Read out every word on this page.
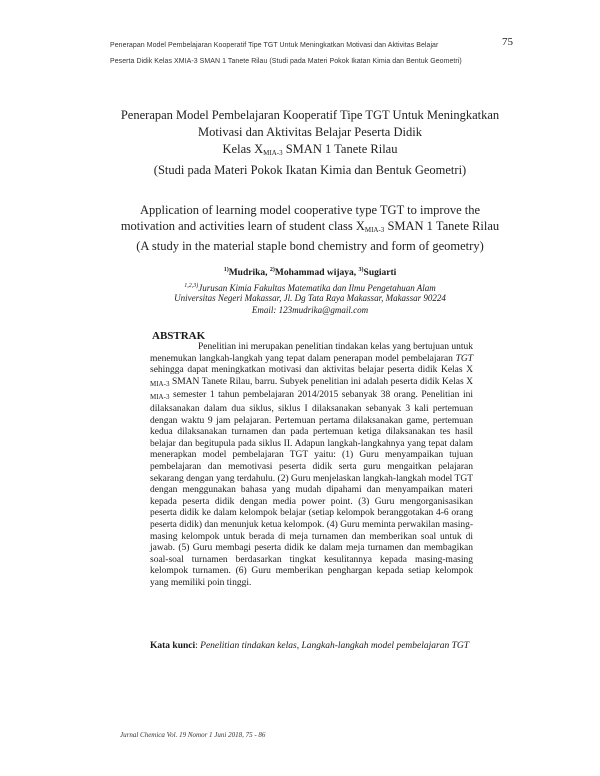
75
Penerapan Model Pembelajaran Kooperatif Tipe TGT Untuk Meningkatkan Motivasi dan Aktivitas Belajar
Peserta Didik Kelas XMIA-3 SMAN 1 Tanete Rilau (Studi pada Materi Pokok Ikatan Kimia dan Bentuk Geometri)
Penerapan Model Pembelajaran Kooperatif Tipe TGT Untuk Meningkatkan
Motivasi dan Aktivitas Belajar Peserta Didik
Kelas $X_{MIA-3}$ SMAN 1 Tanete Rilau
(Studi pada Materi Pokok Ikatan Kimia dan Bentuk Geometri)
Application of learning model cooperative type TGT to improve the
motivation and activities learn of student class $X_{MIA-3}$ SMAN 1 Tanete Rilau
(A study in the material staple bond chemistry and form of geometry)
$^{1)}$Mudrika, $^{2)}$Mohammad wijaya, $^{3)}$Sugiarti
$^{1,2,3)}$Jurusan Kimia Fakultas Matematika dan Ilmu Pengetahuan Alam
Universitas Negeri Makassar, Jl. Dg Tata Raya Makassar, Makassar 90224
Email: 123mudrika@gmail.com
ABSTRAK
Penelitian ini merupakan penelitian tindakan kelas yang bertujuan untuk menemukan langkah-langkah yang tepat dalam penerapan model pembelajaran TGT sehingga dapat meningkatkan motivasi dan aktivitas belajar peserta didik Kelas X $_{MIA-3}$ SMAN Tanete Rilau, barru. Subyek penelitian ini adalah peserta didik Kelas X $_{MIA-3}$ semester 1 tahun pembelajaran 2014/2015 sebanyak 38 orang. Penelitian ini dilaksanakan dalam dua siklus, siklus I dilaksanakan sebanyak 3 kali pertemuan dengan waktu 9 jam pelajaran. Pertemuan pertama dilaksanakan game, pertemuan kedua dilaksanakan turnamen dan pada pertemuan ketiga dilaksanakan tes hasil belajar dan begitupula pada siklus II. Adapun langkah-langkahnya yang tepat dalam menerapkan model pembelajaran TGT yaitu: (1) Guru menyampaikan tujuan pembelajaran dan memotivasi peserta didik serta guru mengaitkan pelajaran sekarang dengan yang terdahulu. (2) Guru menjelaskan langkah-langkah model TGT dengan menggunakan bahasa yang mudah dipahami dan menyampaikan materi kepada peserta didik dengan media power point. (3) Guru mengorganisasikan peserta didik ke dalam kelompok belajar (setiap kelompok beranggotakan 4-6 orang peserta didik) dan menunjuk ketua kelompok. (4) Guru meminta perwakilan masing-masing kelompok untuk berada di meja turnamen dan memberikan soal untuk di jawab. (5) Guru membagi peserta didik ke dalam meja turnamen dan membagikan soal-soal turnamen berdasarkan tingkat kesulitannya kepada masing-masing kelompok turnamen. (6) Guru memberikan penghargan kepada setiap kelompok yang memiliki poin tinggi.
Kata kunci: Penelitian tindakan kelas, Langkah-langkah model pembelajaran TGT
Jurnal Chemica Vol. 19 Nomor 1 Juni 2018, 75 - 86
